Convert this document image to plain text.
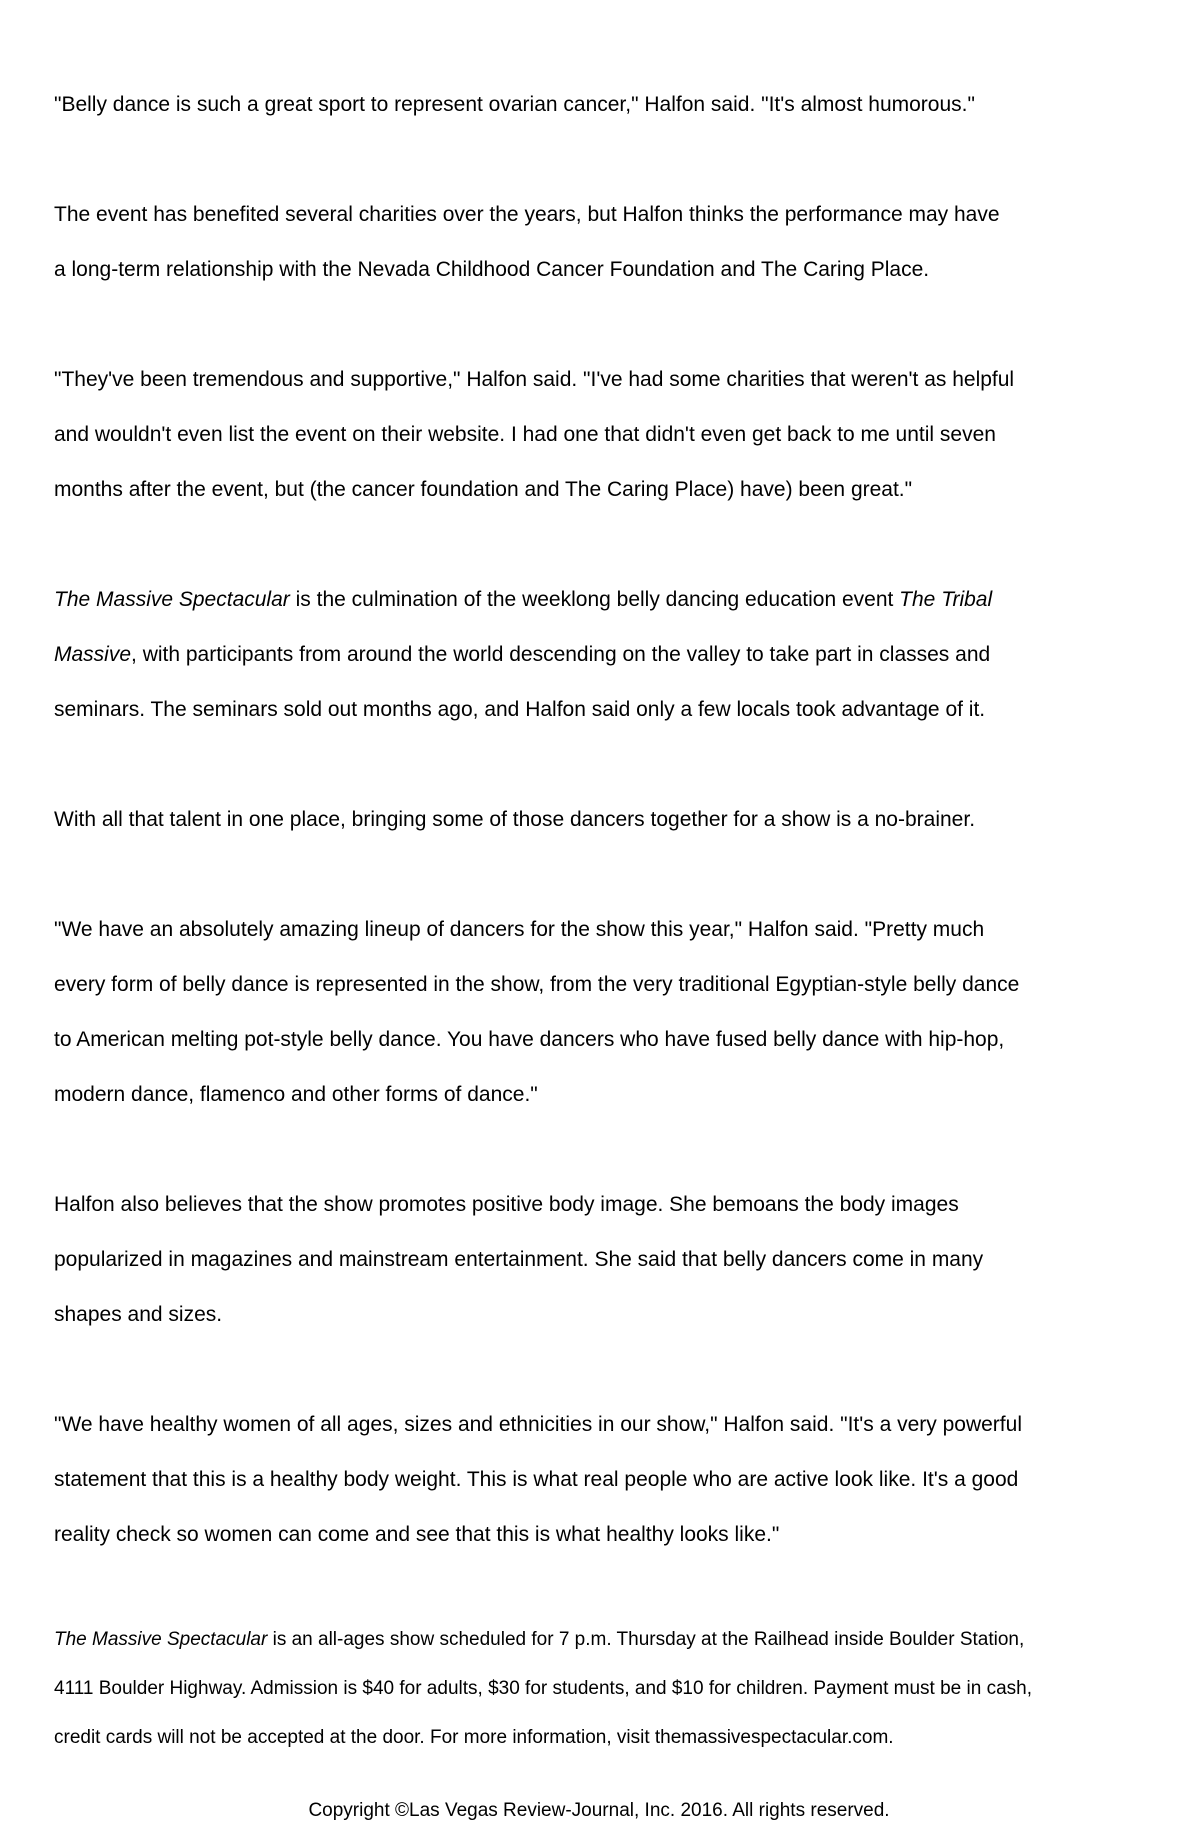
"Belly dance is such a great sport to represent ovarian cancer," Halfon said. "It's almost humorous."

The event has benefited several charities over the years, but Halfon thinks the performance may have

a long-term relationship with the Nevada Childhood Cancer Foundation and The Caring Place.

"They've been tremendous and supportive," Halfon said. "I've had some charities that weren't as helpful

and wouldn't even list the event on their website. I had one that didn't even get back to me until seven

months after the event, but (the cancer foundation and The Caring Place) have) been great."

The Massive Spectacular is the culmination of the weeklong belly dancing education event The Tribal

Massive, with participants from around the world descending on the valley to take part in classes and

seminars. The seminars sold out months ago, and Halfon said only a few locals took advantage of it.

With all that talent in one place, bringing some of those dancers together for a show is a no-brainer.

"We have an absolutely amazing lineup of dancers for the show this year," Halfon said. "Pretty much

every form of belly dance is represented in the show, from the very traditional Egyptian-style belly dance

to American melting pot-style belly dance. You have dancers who have fused belly dance with hip-hop,

modern dance, flamenco and other forms of dance."

Halfon also believes that the show promotes positive body image. She bemoans the body images

popularized in magazines and mainstream entertainment. She said that belly dancers come in many

shapes and sizes.

"We have healthy women of all ages, sizes and ethnicities in our show," Halfon said. "It's a very powerful

statement that this is a healthy body weight. This is what real people who are active look like. It's a good

reality check so women can come and see that this is what healthy looks like."

The Massive Spectacular is an all-ages show scheduled for 7 p.m. Thursday at the Railhead inside Boulder Station,

4111 Boulder Highway. Admission is $40 for adults, $30 for students, and $10 for children. Payment must be in cash,

credit cards will not be accepted at the door. For more information, visit themassivespectacular.com.

Copyright ©Las Vegas Review-Journal, Inc. 2016. All rights reserved.
